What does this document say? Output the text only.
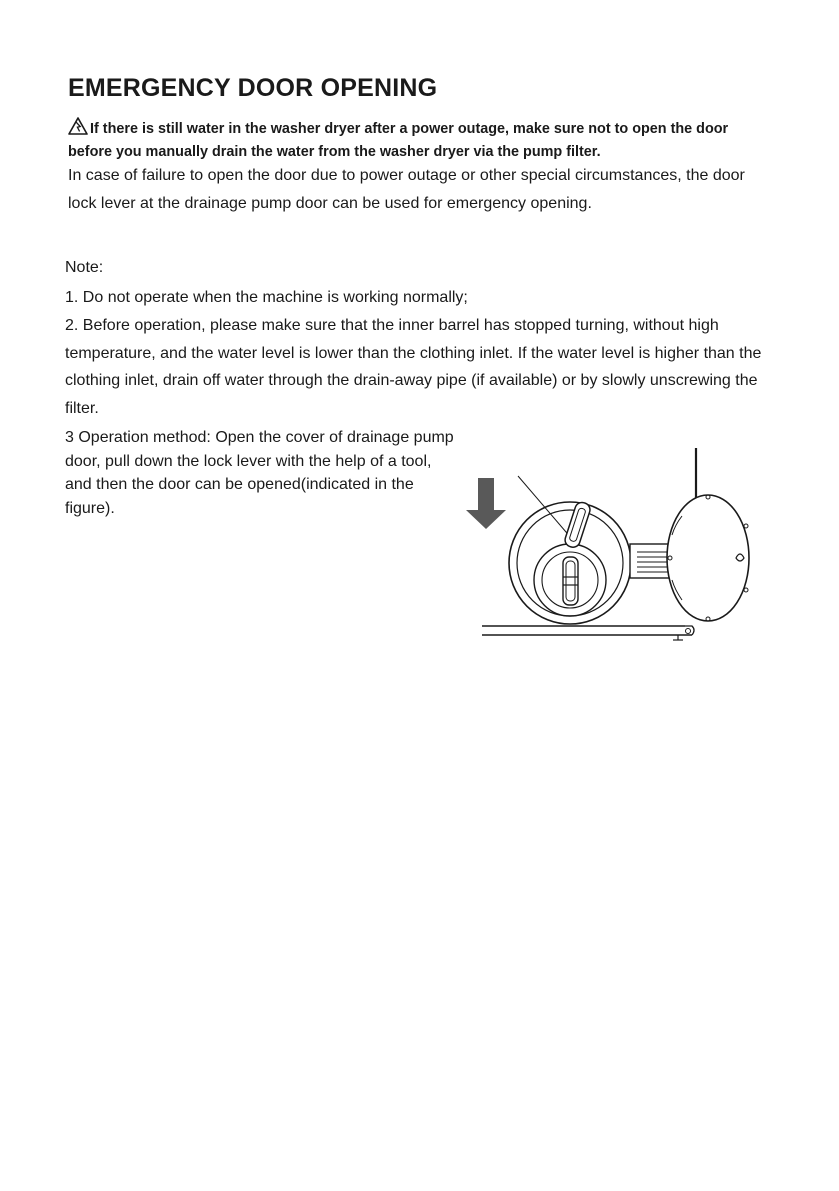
EMERGENCY DOOR OPENING
If there is still water in the washer dryer after a power outage, make sure not to open the door before you manually drain the water from the washer dryer via the pump filter.

In case of failure to open the door due to power outage or other special circumstances, the door lock lever at the drainage pump door can be used for emergency opening.

Note:

1. Do not operate when the machine is working normally;

2. Before operation, please make sure that the inner barrel has stopped turning, without high temperature, and the water level is lower than the clothing inlet. If the water level is higher than the clothing inlet, drain off water through the drain-away pipe (if available) or by slowly unscrewing the filter.

3 Operation method: Open the cover of drainage pump door, pull down the lock lever with the help of a tool, and then the door can be opened(indicated in the figure).
